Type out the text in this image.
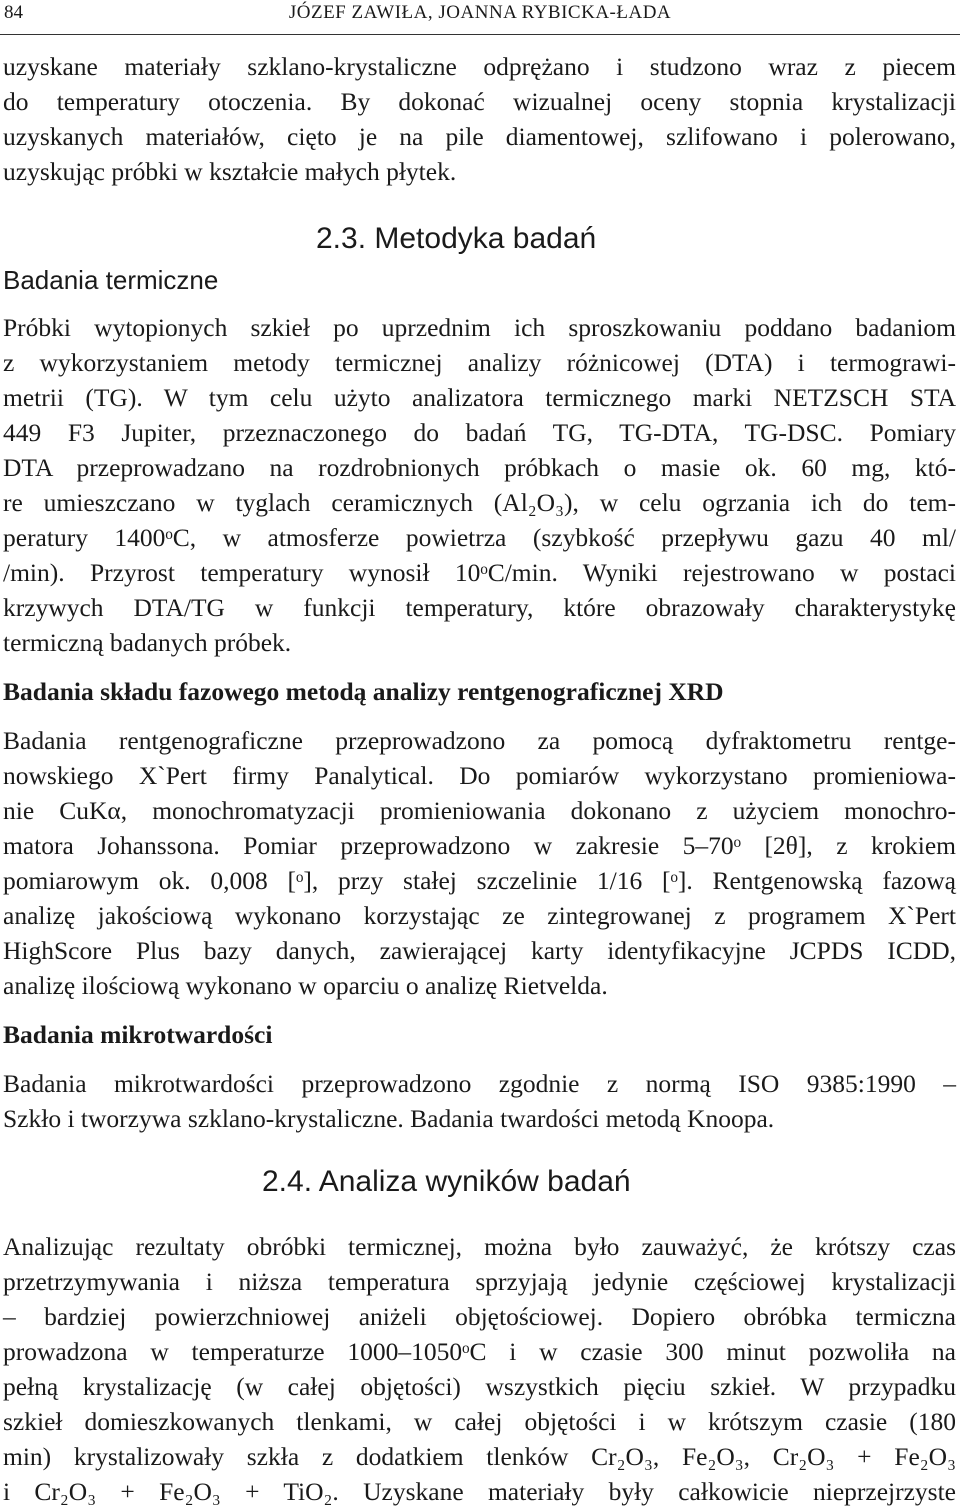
84	JÓZEF ZAWIŁA, JOANNA RYBICKA-ŁADA
uzyskane materiały szklano-krystaliczne odprężano i studzono wraz z piecem
do temperatury otoczenia. By dokonać wizualnej oceny stopnia krystalizacji
uzyskanych materiałów, cięto je na pile diamentowej, szlifowano i polerowano,
uzyskując próbki w kształcie małych płytek.
2.3. Metodyka badań
Badania termiczne
Próbki wytopionych szkieł po uprzednim ich sproszkowaniu poddano badaniom
z wykorzystaniem metody termicznej analizy różnicowej (DTA) i termograwi-
metrii (TG). W tym celu użyto analizatora termicznego marki NETZSCH STA
449 F3 Jupiter, przeznaczonego do badań TG, TG-DTA, TG-DSC. Pomiary
DTA przeprowadzano na rozdrobnionych próbkach o masie ok. 60 mg, któ-
re umieszczano w tyglach ceramicznych (Al₂O₃), w celu ogrzania ich do tem-
peratury 1400ᵒC, w atmosferze powietrza (szybkość przepływu gazu 40 ml/
/min). Przyrost temperatury wynosił 10ᵒC/min. Wyniki rejestrowano w postaci
krzywych DTA/TG w funkcji temperatury, które obrazowały charakterystykę
termiczną badanych próbek.
Badania składu fazowego metodą analizy rentgenograficznej XRD
Badania rentgenograficzne przeprowadzono za pomocą dyfraktometru rentge-
nowskiego X`Pert firmy Panalytical. Do pomiarów wykorzystano promieniowa-
nie CuKα, monochromatyzacji promieniowania dokonano z użyciem monochro-
matora Johanssona. Pomiar przeprowadzono w zakresie 5–70ᵒ [2θ], z krokiem
pomiarowym ok. 0,008 [ᵒ], przy stałej szczelinie 1/16 [ᵒ]. Rentgenowską fazową
analizę jakościową wykonano korzystając ze zintegrowanej z programem X`Pert
HighScore Plus bazy danych, zawierającej karty identyfikacyjne JCPDS ICDD,
analizę ilościową wykonano w oparciu o analizę Rietvelda.
Badania mikrotwardości
Badania mikrotwardości przeprowadzono zgodnie z normą ISO 9385:1990 –
Szkło i tworzywa szklano-krystaliczne. Badania twardości metodą Knoopa.
2.4. Analiza wyników badań
Analizując rezultaty obróbki termicznej, można było zauważyć, że krótszy czas
przetrzymywania i niższa temperatura sprzyjają jedynie częściowej krystalizacji
– bardziej powierzchniowej aniżeli objętościowej. Dopiero obróbka termiczna
prowadzona w temperaturze 1000–1050ᵒC i w czasie 300 minut pozwoliła na
pełną krystalizację (w całej objętości) wszystkich pięciu szkieł. W przypadku
szkieł domieszkowanych tlenkami, w całej objętości i w krótszym czasie (180
min) krystalizowały szkła z dodatkiem tlenków Cr₂O₃, Fe₂O₃, Cr₂O₃ + Fe₂O₃
i Cr₂O₃ + Fe₂O₃ + TiO₂. Uzyskane materiały były całkowicie nieprzejrzyste
